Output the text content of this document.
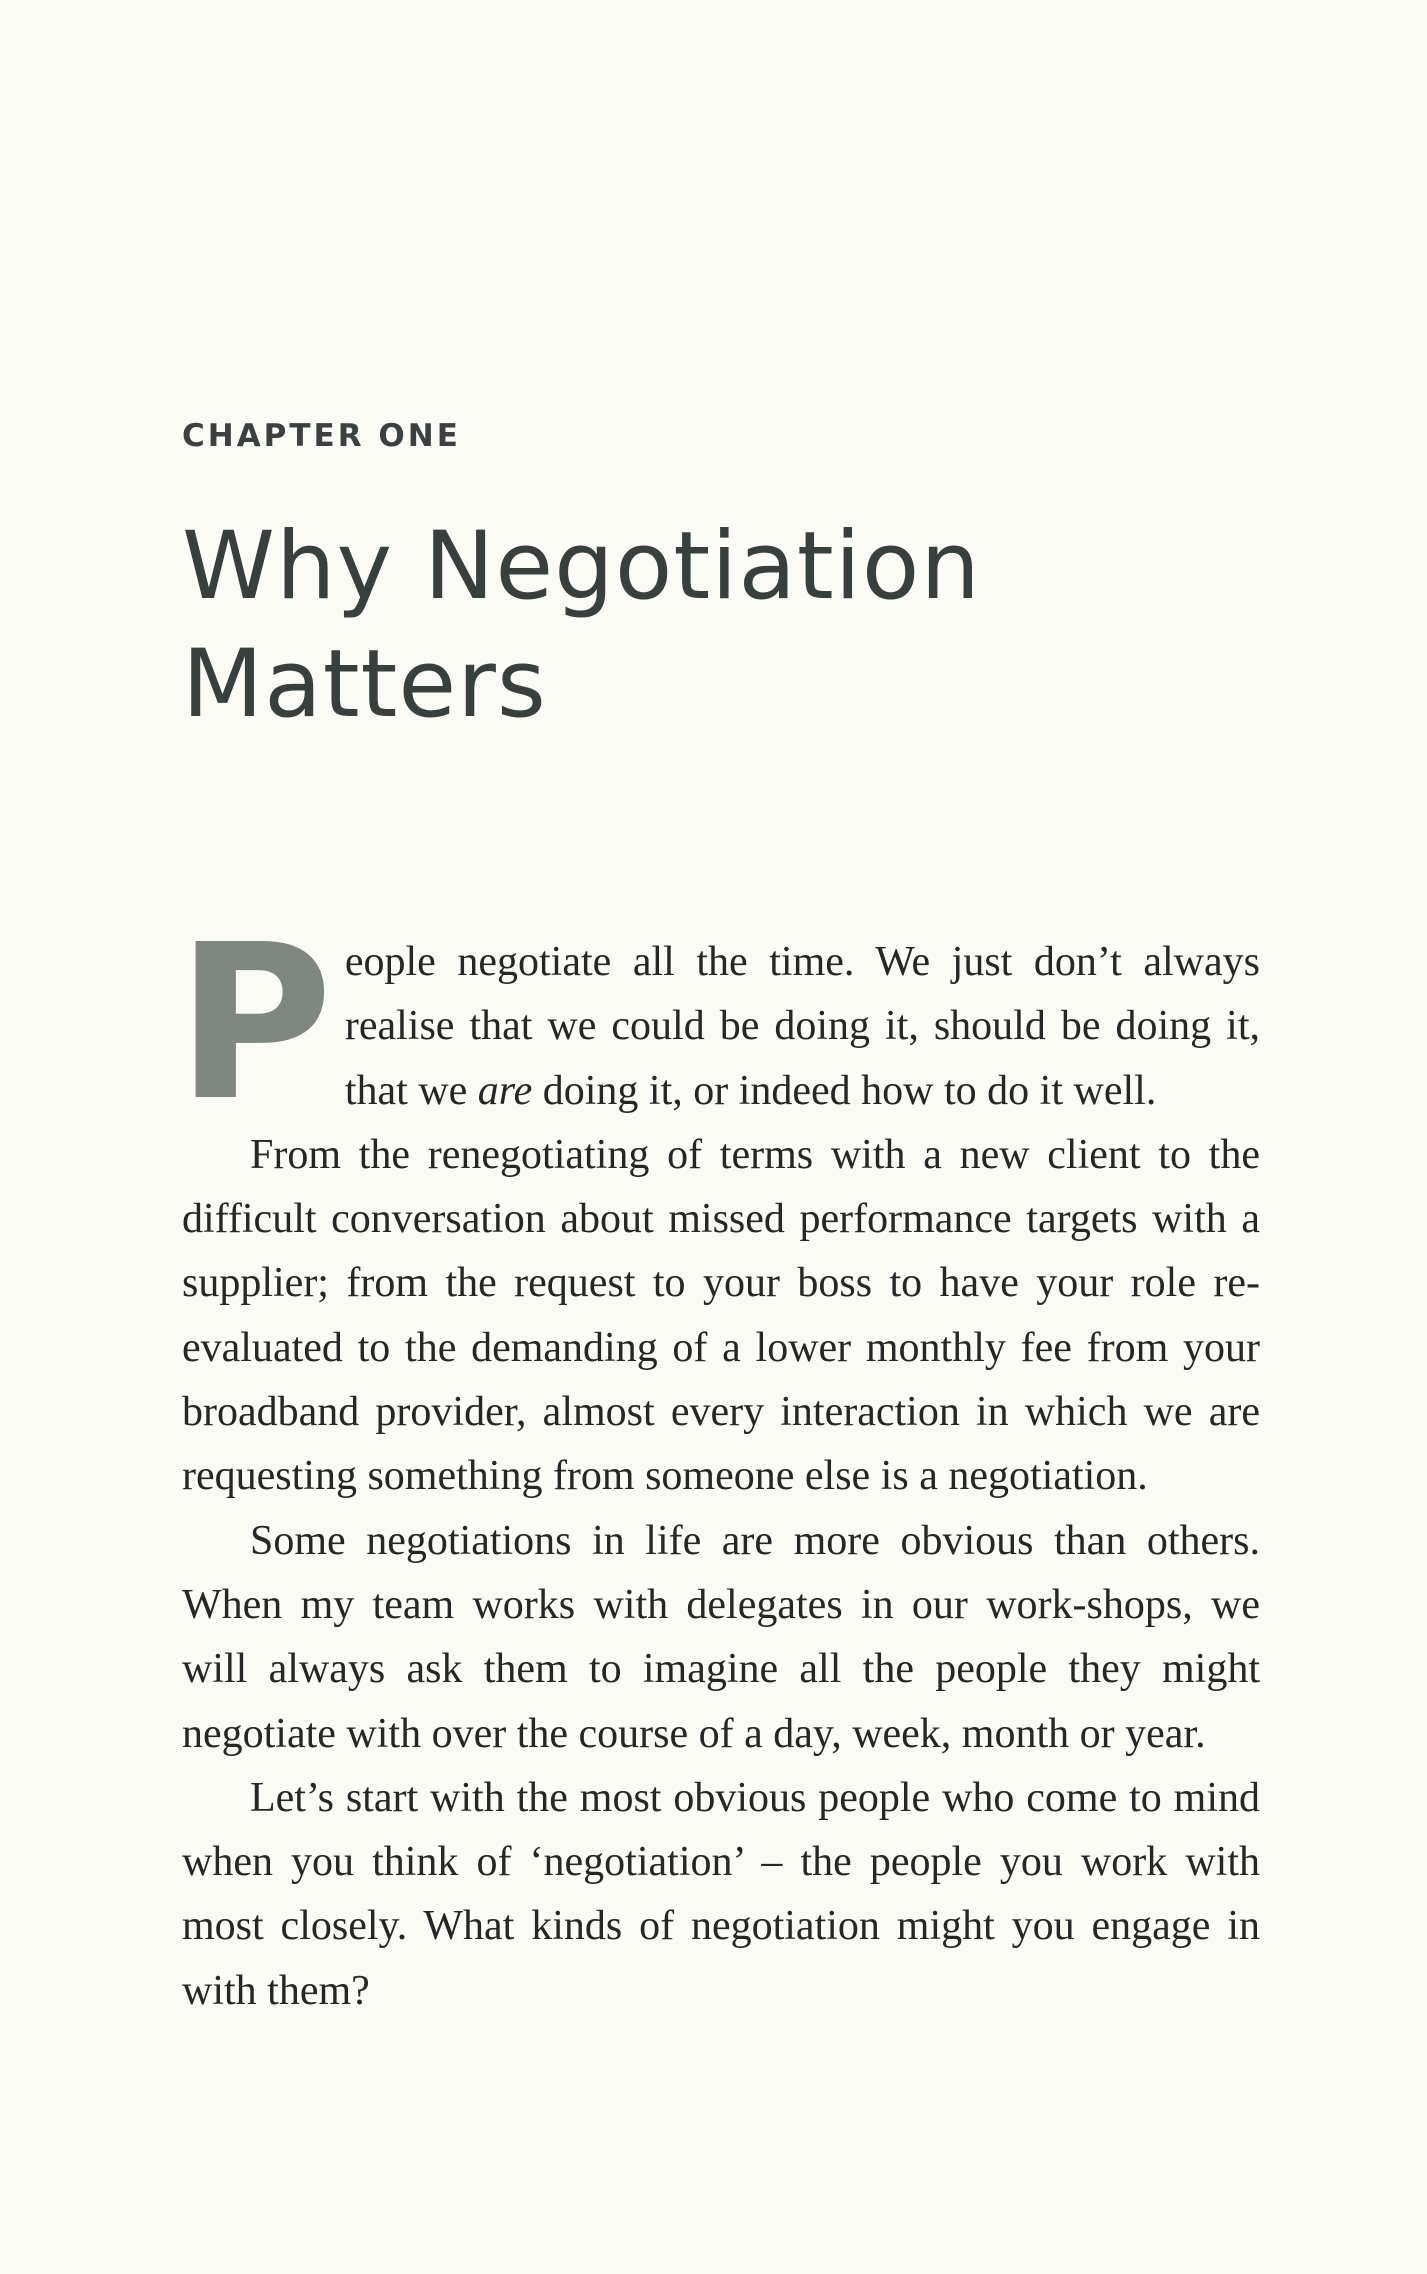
CHAPTER ONE
Why Negotiation
Matters

P eople negotiate all the time. We just don’t always realise that we could be doing it, should be doing it, that we are doing it, or indeed how to do it well.

From the renegotiating of terms with a new client to the difficult conversation about missed performance targets with a supplier; from the request to your boss to have your role re-evaluated to the demanding of a lower monthly fee from your broadband provider, almost every interaction in which we are requesting something from someone else is a negotiation.

Some negotiations in life are more obvious than others. When my team works with delegates in our work-shops, we will always ask them to imagine all the people they might negotiate with over the course of a day, week, month or year.

Let’s start with the most obvious people who come to mind when you think of ‘negotiation’ – the people you work with most closely. What kinds of negotiation might you engage in with them?
